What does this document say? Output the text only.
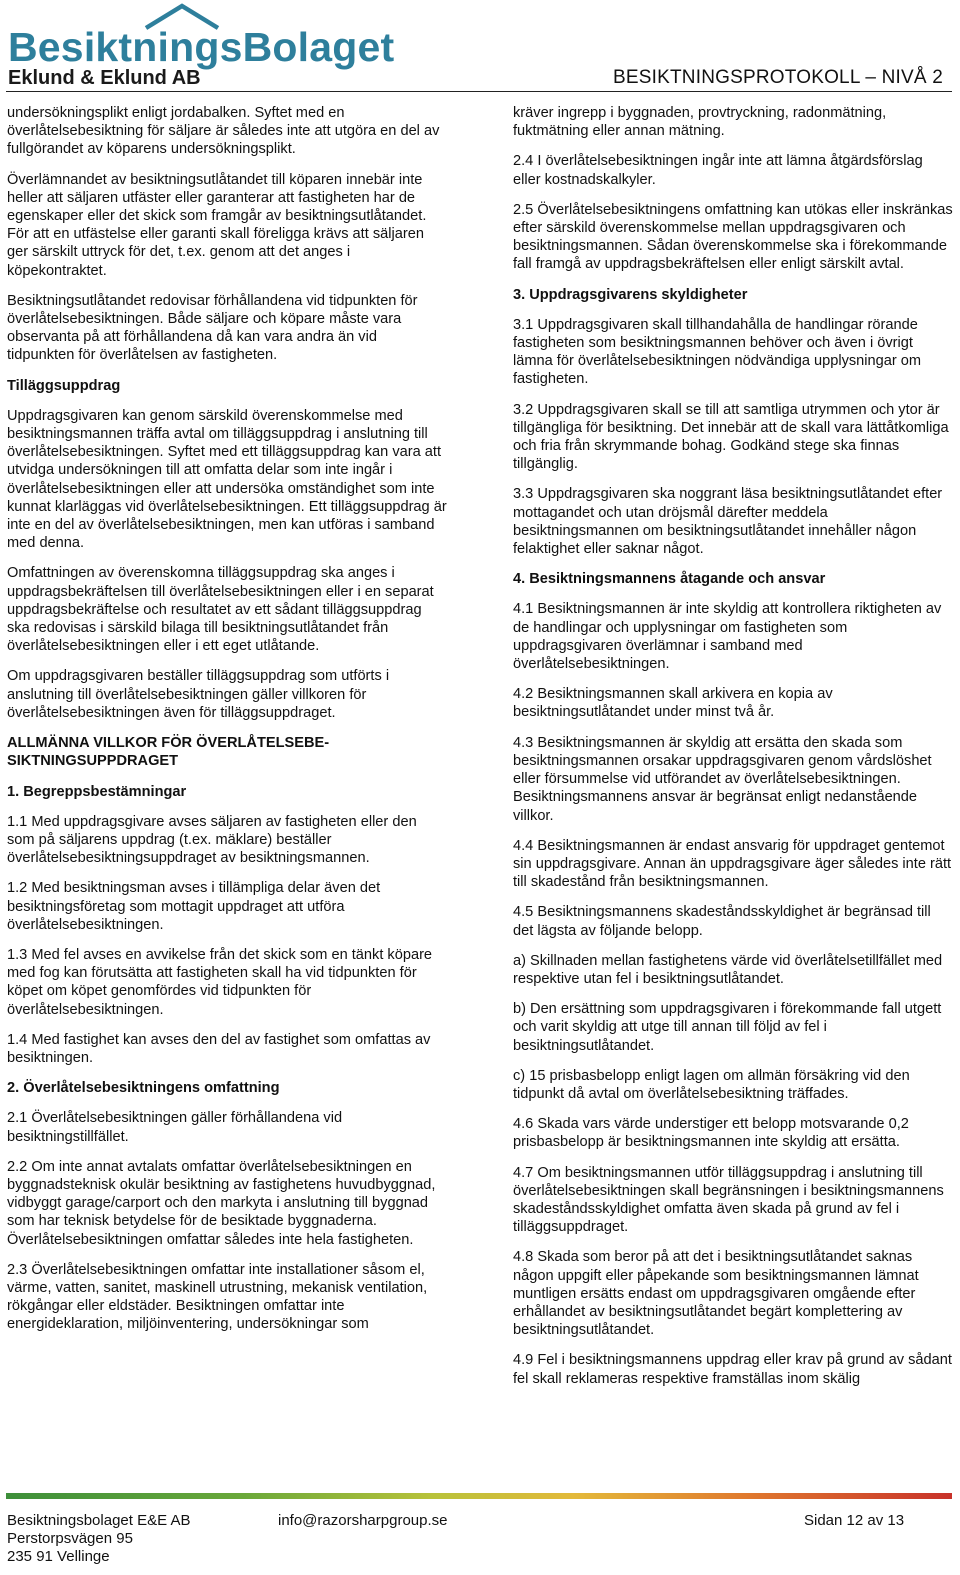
BesiktningsBolaget
Eklund & Eklund AB	BESIKTNINGSPROTOKOLL – NIVÅ 2

undersökningsplikt enligt jordabalken. Syftet med en överlåtelsebesiktning för säljare är således inte att utgöra en del av fullgörandet av köparens undersökningsplikt.

Överlämnandet av besiktningsutlåtandet till köparen innebär inte heller att säljaren utfäster eller garanterar att fastigheten har de egenskaper eller det skick som framgår av besiktningsutlåtandet. För att en utfästelse eller garanti skall föreligga krävs att säljaren ger särskilt uttryck för det, t.ex. genom att det anges i köpekontraktet.

Besiktningsutlåtandet redovisar förhållandena vid tidpunkten för överlåtelsebesiktningen. Både säljare och köpare måste vara observanta på att förhållandena då kan vara andra än vid tidpunkten för överlåtelsen av fastigheten.

Tilläggsuppdrag

Uppdragsgivaren kan genom särskild överenskommelse med besiktningsmannen träffa avtal om tilläggsuppdrag i anslutning till överlåtelsebesiktningen. Syftet med ett tilläggsuppdrag kan vara att utvidga undersökningen till att omfatta delar som inte ingår i överlåtelsebesiktningen eller att undersöka omständighet som inte kunnat klarläggas vid överlåtelsebesiktningen. Ett tilläggsuppdrag är inte en del av överlåtelsebesiktningen, men kan utföras i samband med denna.

Omfattningen av överenskomna tilläggsuppdrag ska anges i uppdragsbekräftelsen till överlåtelsebesiktningen eller i en separat uppdragsbekräftelse och resultatet av ett sådant tilläggsuppdrag ska redovisas i särskild bilaga till besiktningsutlåtandet från överlåtelsebesiktningen eller i ett eget utlåtande.

Om uppdragsgivaren beställer tilläggsuppdrag som utförts i anslutning till överlåtelsebesiktningen gäller villkoren för överlåtelsebesiktningen även för tilläggsuppdraget.

ALLMÄNNA VILLKOR FÖR ÖVERLÅTELSEBE-SIKTNINGSUPPDRAGET
1. Begreppsbestämningar

1.1 Med uppdragsgivare avses säljaren av fastigheten eller den som på säljarens uppdrag (t.ex. mäklare) beställer överlåtelsebesiktningsuppdraget av besiktningsmannen.

1.2 Med besiktningsman avses i tillämpliga delar även det besiktningsföretag som mottagit uppdraget att utföra överlåtelsebesiktningen.

1.3 Med fel avses en avvikelse från det skick som en tänkt köpare med fog kan förutsätta att fastigheten skall ha vid tidpunkten för köpet om köpet genomfördes vid tidpunkten för överlåtelsebesiktningen.

1.4 Med fastighet kan avses den del av fastighet som omfattas av besiktningen.

2. Överlåtelsebesiktningens omfattning

2.1 Överlåtelsebesiktningen gäller förhållandena vid besiktningstillfället.

2.2 Om inte annat avtalats omfattar överlåtelsebesiktningen en byggnadsteknisk okulär besiktning av fastighetens huvudbyggnad, vidbyggt garage/carport och den markyta i anslutning till byggnad som har teknisk betydelse för de besiktade byggnaderna. Överlåtelsebesiktningen omfattar således inte hela fastigheten.

2.3 Överlåtelsebesiktningen omfattar inte installationer såsom el, värme, vatten, sanitet, maskinell utrustning, mekanisk ventilation, rökgångar eller eldstäder. Besiktningen omfattar inte energideklaration, miljöinventering, undersökningar som

kräver ingrepp i byggnaden, provtryckning, radonmätning, fuktmätning eller annan mätning.

2.4 I överlåtelsebesiktningen ingår inte att lämna åtgärdsförslag eller kostnadskalkyler.

2.5 Överlåtelsebesiktningens omfattning kan utökas eller inskränkas efter särskild överenskommelse mellan uppdragsgivaren och besiktningsmannen. Sådan överenskommelse ska i förekommande fall framgå av uppdragsbekräftelsen eller enligt särskilt avtal.

3. Uppdragsgivarens skyldigheter

3.1 Uppdragsgivaren skall tillhandahålla de handlingar rörande fastigheten som besiktningsmannen behöver och även i övrigt lämna för överlåtelsebesiktningen nödvändiga upplysningar om fastigheten.

3.2 Uppdragsgivaren skall se till att samtliga utrymmen och ytor är tillgängliga för besiktning. Det innebär att de skall vara lättåtkomliga och fria från skrymmande bohag. Godkänd stege ska finnas tillgänglig.

3.3 Uppdragsgivaren ska noggrant läsa besiktningsutlåtandet efter mottagandet och utan dröjsmål därefter meddela besiktningsmannen om besiktningsutlåtandet innehåller någon felaktighet eller saknar något.

4. Besiktningsmannens åtagande och ansvar

4.1 Besiktningsmannen är inte skyldig att kontrollera riktigheten av de handlingar och upplysningar om fastigheten som uppdragsgivaren överlämnar i samband med överlåtelsebesiktningen.

4.2 Besiktningsmannen skall arkivera en kopia av besiktningsutlåtandet under minst två år.

4.3 Besiktningsmannen är skyldig att ersätta den skada som besiktningsmannen orsakar uppdragsgivaren genom vårdslöshet eller försummelse vid utförandet av överlåtelsebesiktningen. Besiktningsmannens ansvar är begränsat enligt nedanstående villkor.

4.4 Besiktningsmannen är endast ansvarig för uppdraget gentemot sin uppdragsgivare. Annan än uppdragsgivare äger således inte rätt till skadestånd från besiktningsmannen.

4.5 Besiktningsmannens skadeståndsskyldighet är begränsad till det lägsta av följande belopp.

a) Skillnaden mellan fastighetens värde vid överlåtelsetillfället med respektive utan fel i besiktningsutlåtandet.

b) Den ersättning som uppdragsgivaren i förekommande fall utgett och varit skyldig att utge till annan till följd av fel i besiktningsutlåtandet.

c) 15 prisbasbelopp enligt lagen om allmän försäkring vid den tidpunkt då avtal om överlåtelsebesiktning träffades.

4.6 Skada vars värde understiger ett belopp motsvarande 0,2 prisbasbelopp är besiktningsmannen inte skyldig att ersätta.

4.7 Om besiktningsmannen utför tilläggsuppdrag i anslutning till överlåtelsebesiktningen skall begränsningen i besiktningsmannens skadeståndsskyldighet omfatta även skada på grund av fel i tilläggsuppdraget.

4.8 Skada som beror på att det i besiktningsutlåtandet saknas någon uppgift eller påpekande som besiktningsmannen lämnat muntligen ersätts endast om uppdragsgivaren omgående efter erhållandet av besiktningsutlåtandet begärt komplettering av besiktningsutlåtandet.

4.9 Fel i besiktningsmannens uppdrag eller krav på grund av sådant fel skall reklameras respektive framställas inom skälig

Besiktningsbolaget E&E AB
Perstorpsvägen 95
235 91 Vellinge
info@razorsharpgroup.se	Sidan 12 av 13
